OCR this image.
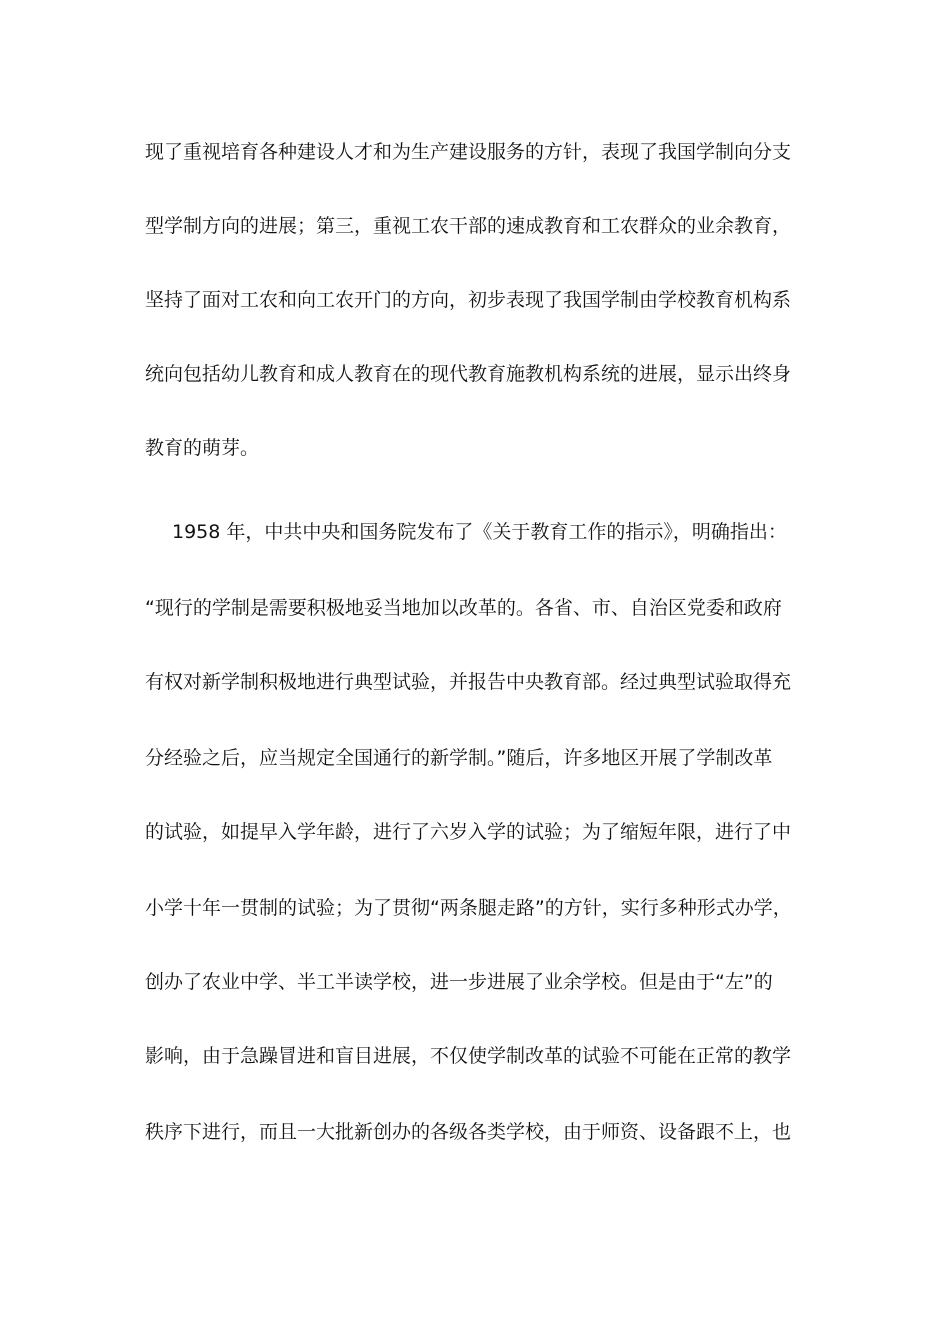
现了重视培育各种建设人才和为生产建设服务的方针，表现了我国学制向分支
型学制方向的进展；第三，重视工农干部的速成教育和工农群众的业余教育，
坚持了面对工农和向工农开门的方向，初步表现了我国学制由学校教育机构系
统向包括幼儿教育和成人教育在的现代教育施教机构系统的进展，显示出终身
教育的萌芽。
1958 年，中共中央和国务院发布了《关于教育工作的指示》，明确指出：
“现行的学制是需要积极地妥当地加以改革的。各省、市、自治区党委和政府
有权对新学制积极地进行典型试验，并报告中央教育部。经过典型试验取得充
分经验之后，应当规定全国通行的新学制。”随后，许多地区开展了学制改革
的试验，如提早入学年龄，进行了六岁入学的试验；为了缩短年限，进行了中
小学十年一贯制的试验；为了贯彻“两条腿走路”的方针，实行多种形式办学，
创办了农业中学、半工半读学校，进一步进展了业余学校。但是由于“左”的
影响，由于急躁冒进和盲目进展，不仅使学制改革的试验不可能在正常的教学
秩序下进行，而且一大批新创办的各级各类学校，由于师资、设备跟不上，也
